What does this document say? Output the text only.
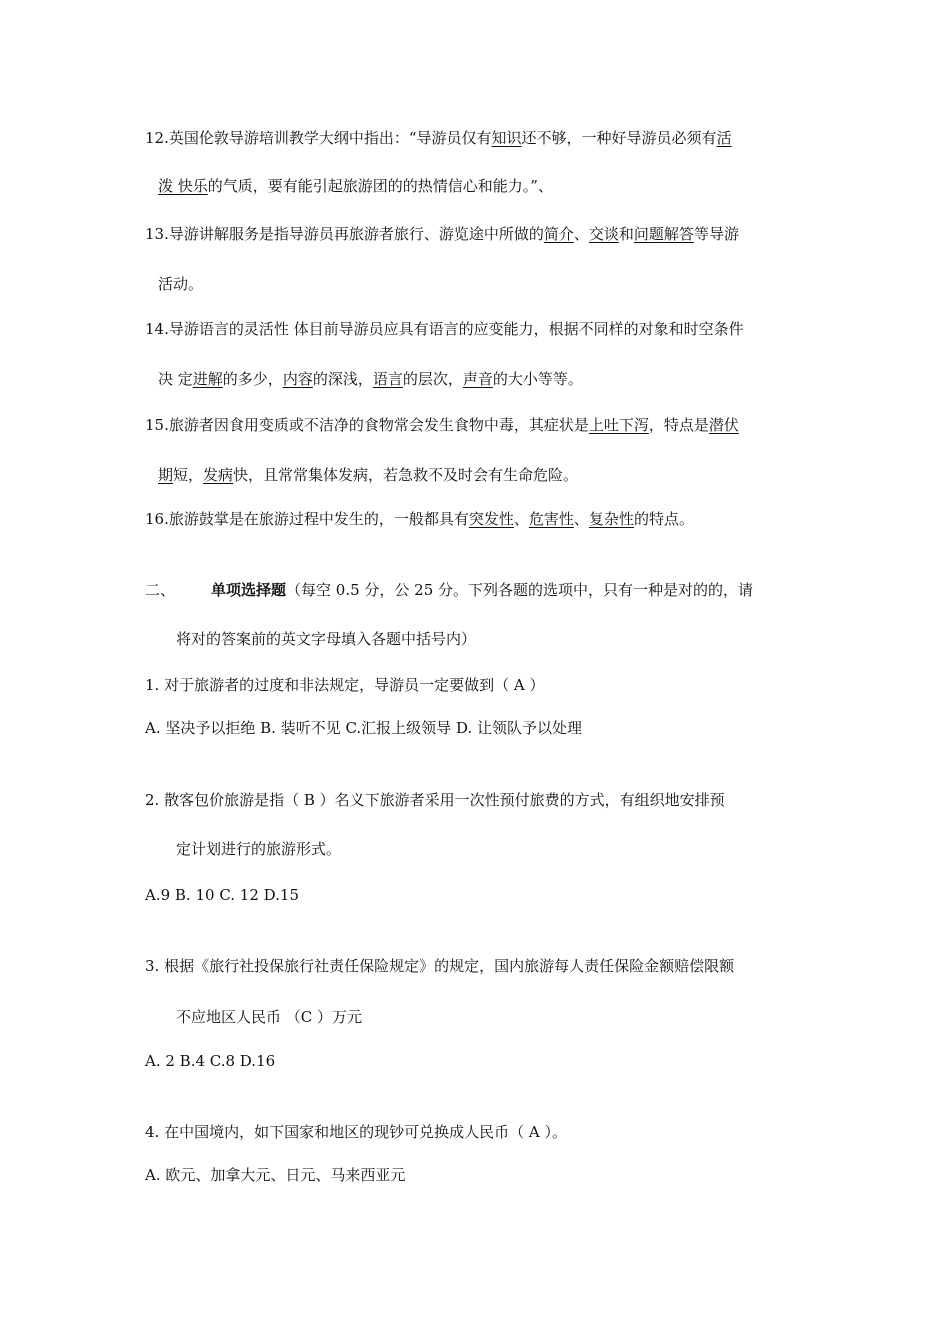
12.英国伦敦导游培训教学大纲中指出：“导游员仅有知识还不够，一种好导游员必须有活
泼 快乐的气质，要有能引起旅游团的的热情信心和能力。”、
13.导游讲解服务是指导游员再旅游者旅行、游览途中所做的简介、交谈和问题解答等导游
活动。
14.导游语言的灵活性 体目前导游员应具有语言的应变能力，根据不同样的对象和时空条件
决 定进解的多少，内容的深浅，语言的层次，声音的大小等等。
15.旅游者因食用变质或不洁净的食物常会发生食物中毒，其症状是上吐下泻，特点是潜伏
期短，发病快，且常常集体发病，若急救不及时会有生命危险。
16.旅游鼓掌是在旅游过程中发生的，一般都具有突发性、危害性、复杂性的特点。
二、 单项选择题（每空 0.5 分，公 25 分。下列各题的选项中，只有一种是对的的，请
将对的答案前的英文字母填入各题中括号内）
1. 对于旅游者的过度和非法规定，导游员一定要做到（ A ）
A. 坚决予以拒绝 B. 装听不见 C.汇报上级领导 D. 让领队予以处理
2. 散客包价旅游是指（ B ）名义下旅游者采用一次性预付旅费的方式，有组织地安排预
定计划进行的旅游形式。
A.9 B. 10 C. 12 D.15
3. 根据《旅行社投保旅行社责任保险规定》的规定，国内旅游每人责任保险金额赔偿限额
不应地区人民币 （C ）万元
A. 2 B.4 C.8 D.16
4. 在中国境内，如下国家和地区的现钞可兑换成人民币（ A ）。
A. 欧元、加拿大元、日元、马来西亚元
